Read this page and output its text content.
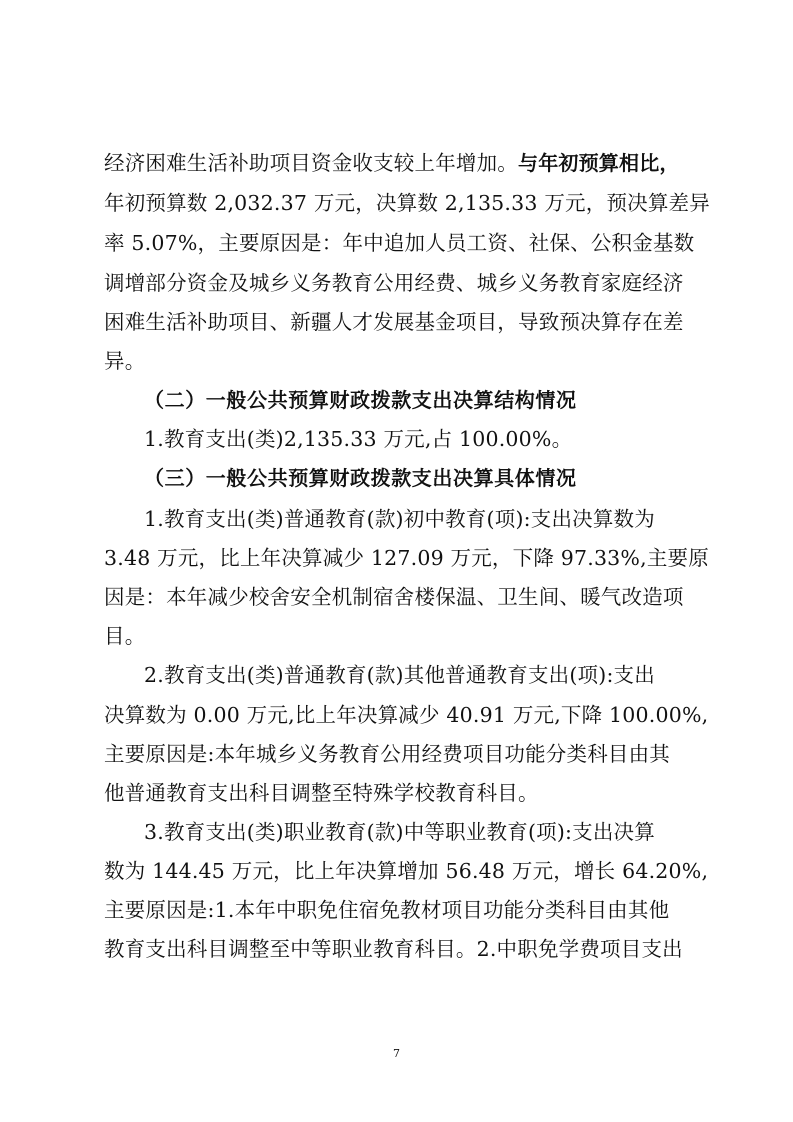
经济困难生活补助项目资金收支较上年增加。与年初预算相比，
年初预算数 2,032.37 万元，决算数 2,135.33 万元，预决算差异
率 5.07%，主要原因是：年中追加人员工资、社保、公积金基数
调增部分资金及城乡义务教育公用经费、城乡义务教育家庭经济
困难生活补助项目、新疆人才发展基金项目，导致预决算存在差
异。
（二）一般公共预算财政拨款支出决算结构情况
1.教育支出(类)2,135.33 万元,占 100.00%。
（三）一般公共预算财政拨款支出决算具体情况
1.教育支出(类)普通教育(款)初中教育(项):支出决算数为
3.48 万元，比上年决算减少 127.09 万元，下降 97.33%,主要原
因是：本年减少校舍安全机制宿舍楼保温、卫生间、暖气改造项
目。
2.教育支出(类)普通教育(款)其他普通教育支出(项):支出
决算数为 0.00 万元,比上年决算减少 40.91 万元,下降 100.00%,
主要原因是:本年城乡义务教育公用经费项目功能分类科目由其
他普通教育支出科目调整至特殊学校教育科目。
3.教育支出(类)职业教育(款)中等职业教育(项):支出决算
数为 144.45 万元，比上年决算增加 56.48 万元，增长 64.20%,
主要原因是:1.本年中职免住宿免教材项目功能分类科目由其他
教育支出科目调整至中等职业教育科目。2.中职免学费项目支出
7
